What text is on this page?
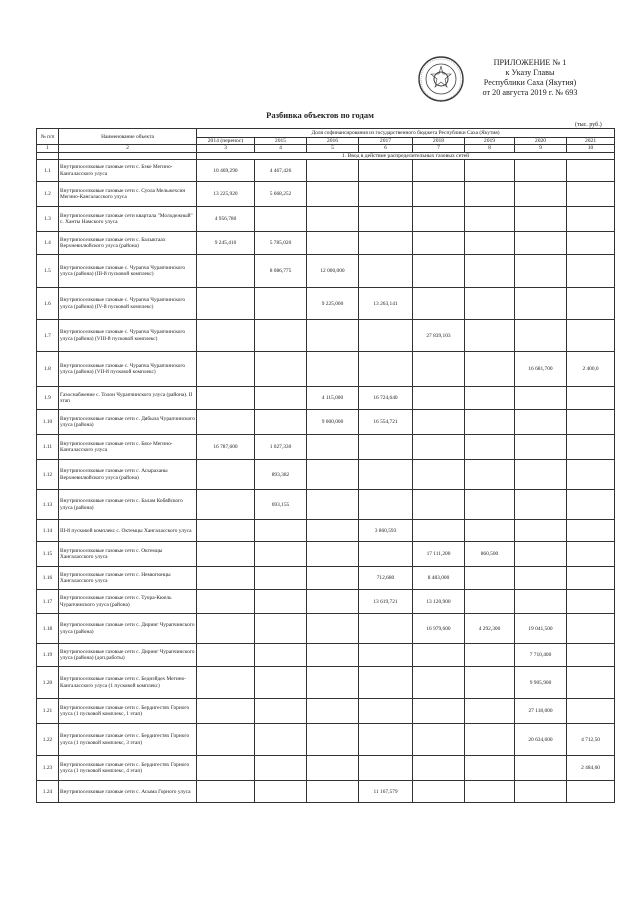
ПРИЛОЖЕНИЕ № 1
к Указу Главы
Республики Саха (Якутия)
от 20 августа 2019 г. № 693
Разбивка объектов по годам
(тыс. руб.)
№ п/п	Наименование объекта	Доля софинансирования из государственного бюджета Республики Саха (Якутия)							
		2014 (перенос)	2015	2016	2017	2018	2019	2020	2021
1	2	3	4	5	6	7	8	9	10
		1. Ввод в действие распределительных газовых сетей							
1.1	Внутрипоселковые газовые сети с. Бэке Мегино-Кангаласского улуса	10 469,290	4 467,426						
1.2	Внутрипоселковые газовые сети с. Суола Мельжехсин Мегино-Кангаласского улуса	13 225,920	5 668,252						
1.3	Внутрипоселковые газовые сети квартала "Молодежный" с. Ханты Намского улуса	4 956,780							
1.4	Внутрипоселковые газовые сети с. Балыктаах Верхневилюйского улуса (района)	9 245,410	5 785,020						
1.5	Внутрипоселковые газовые с. Чурапча Чурапчинского улуса (района) (III-й пусковой комплекс)		8 086,775	12 000,000					
1.6	Внутрипоселковые газовые с. Чурапча Чурапчинского улуса (района) (IV-й пусковой комплекс)			9 225,000	13 263,141				
1.7	Внутрипоселковые газовые с. Чурапча Чурапчинского улуса (района) (VIII-й пусковой комплекс)					27 839,103			
1.8	Внутрипоселковые газовые с. Чурапча Чурапчинского улуса (района) (VII-й пусковой комплекс)							16 681,700	2 400,0
1.9	Газоснабжение с. Толон Чурапчинского улуса (района). II этап			4 115,000	16 724,640				
1.10	Внутрипоселковые газовые сети с. Дябыла Чурапчинского улуса (района)			9 000,000	16 554,721				
1.11	Внутрипоселковые газовые сети с. Бясе Мегино-Кангаласского улуса	16 787,600	1 027,330						
1.12	Внутрипоселковые газовые сети с. Асыраханы Верхневилюйского улуса (района)		893,382						
1.13	Внутрипоселковые газовые сети с. Балам Кобяйского улуса (района)		693,155						
1.14	III-й пусковой комплекс с. Октемцы Хангаласского улуса				3 860,593				
1.15	Внутрипоселковые газовые сети с. Октемцы Хангаласского улуса					17 111,200	860,500		
1.16	Внутрипоселковые газовые сети с. Немюгюнцы Хангаласского улуса				712,680	8 483,000			
1.17	Внутрипоселковые газовые сети с. Туора-Кюель Чурапчинского улуса (района)				13 619,721	13 120,900			
1.18	Внутрипоселковые газовые сети с. Диринг Чурапчинского улуса (района)					16 979,600	4 292,300	19 041,500	
1.19	Внутрипоселковые газовые сети с. Диринг Чурапчинского улуса (района) (доп.работы)							7 710,400	
1.20	Внутрипоселковые газовые сети с. Бедиэйдех Мегино-Кангаласского улуса (1 пусковой комплекс)							9 905,900	
1.21	Внутрипоселковые газовые сети с. Бердигестях Горного улуса (1 пусковой комплекс, 1 этап)							27 118,000	
1.22	Внутрипоселковые газовые сети с. Бердигестях Горного улуса (1 пусковой комплекс, 3 этап)							20 634,600	4 712,50
1.23	Внутрипоселковые газовые сети с. Бердигестях Горного улуса (1 пусковой комплекс, 4 этап)								2 484,60
1.24	Внутрипоселковые газовые сети с. Асыма Горного улуса				11 167,579				
